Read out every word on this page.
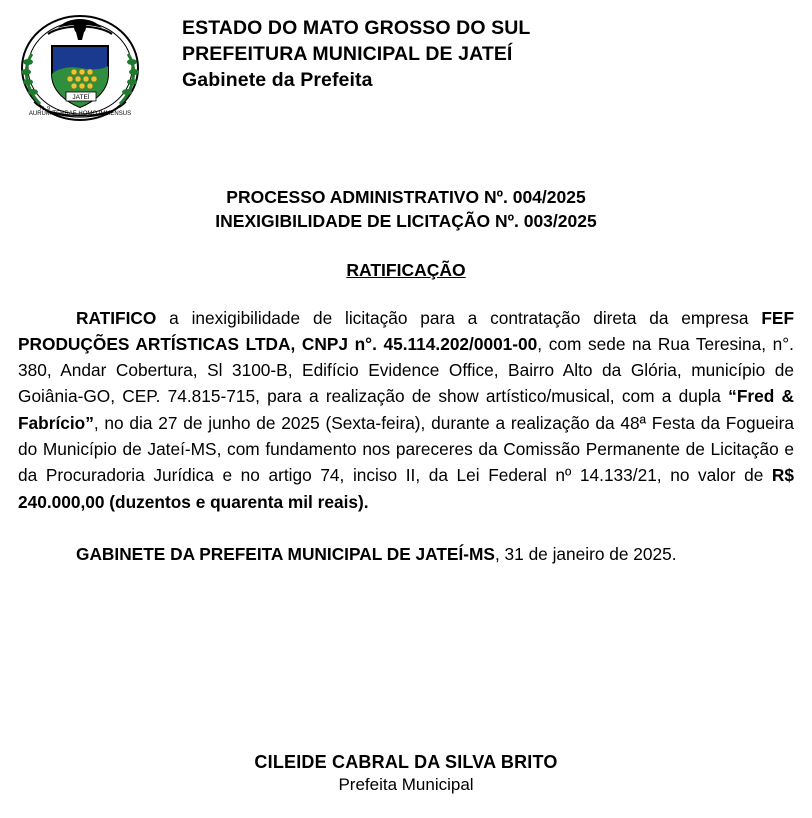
JATEÍ
AURUM TERRAE HOMO IMMENSUS
N. 9
ESTADO DO MATO GROSSO DO SUL
PREFEITURA MUNICIPAL DE JATEÍ
Gabinete da Prefeita
PROCESSO ADMINISTRATIVO Nº. 004/2025
INEXIGIBILIDADE DE LICITAÇÃO Nº. 003/2025
RATIFICAÇÃO

RATIFICO a inexigibilidade de licitação para a contratação direta da empresa FEF PRODUÇÕES ARTÍSTICAS LTDA, CNPJ n°. 45.114.202/0001-00, com sede na Rua Teresina, n°. 380, Andar Cobertura, Sl 3100-B, Edifício Evidence Office, Bairro Alto da Glória, município de Goiânia-GO, CEP. 74.815-715, para a realização de show artístico/musical, com a dupla “Fred & Fabrício”, no dia 27 de junho de 2025 (Sexta-feira), durante a realização da 48ª Festa da Fogueira do Município de Jateí-MS, com fundamento nos pareceres da Comissão Permanente de Licitação e da Procuradoria Jurídica e no artigo 74, inciso II, da Lei Federal nº 14.133/21, no valor de R$ 240.000,00 (duzentos e quarenta mil reais).

GABINETE DA PREFEITA MUNICIPAL DE JATEÍ-MS, 31 de janeiro de 2025.

CILEIDE CABRAL DA SILVA BRITO
Prefeita Municipal
